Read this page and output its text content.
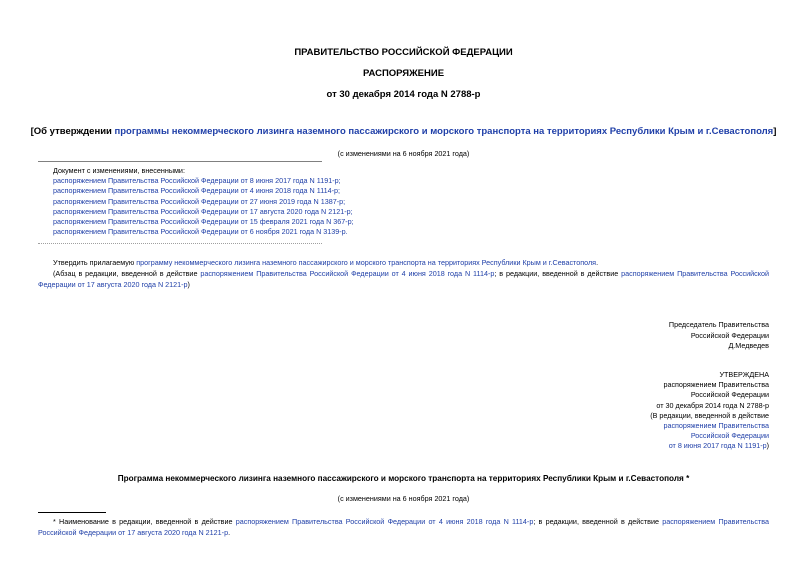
ПРАВИТЕЛЬСТВО РОССИЙСКОЙ ФЕДЕРАЦИИ
РАСПОРЯЖЕНИЕ
от 30 декабря 2014 года N 2788-р
[Об утверждении программы некоммерческого лизинга наземного пассажирского и морского транспорта на территориях Республики Крым и г.Севастополя]
(с изменениями на 6 ноября 2021 года)
Документ с изменениями, внесенными:
распоряжением Правительства Российской Федерации от 8 июня 2017 года N 1191-р;
распоряжением Правительства Российской Федерации от 4 июня 2018 года N 1114-р;
распоряжением Правительства Российской Федерации от 27 июня 2019 года N 1387-р;
распоряжением Правительства Российской Федерации от 17 августа 2020 года N 2121-р;
распоряжением Правительства Российской Федерации от 15 февраля 2021 года N 367-р;
распоряжением Правительства Российской Федерации от 6 ноября 2021 года N 3139-р.
Утвердить прилагаемую программу некоммерческого лизинга наземного пассажирского и морского транспорта на территориях Республики Крым и г.Севастополя.
(Абзац в редакции, введенной в действие распоряжением Правительства Российской Федерации от 4 июня 2018 года N 1114-р; в редакции, введенной в действие распоряжением Правительства Российской
Федерации от 17 августа 2020 года N 2121-р)
Председатель Правительства
Российской Федерации
Д.Медведев
УТВЕРЖДЕНА
распоряжением Правительства
Российской Федерации
от 30 декабря 2014 года N 2788-р
(В редакции, введенной в действие
распоряжением Правительства
Российской Федерации
от 8 июня 2017 года N 1191-р)
Программа некоммерческого лизинга наземного пассажирского и морского транспорта на территориях Республики Крым и г.Севастополя *
(с изменениями на 6 ноября 2021 года)
* Наименование в редакции, введенной в действие распоряжением Правительства Российской Федерации от 4 июня 2018 года N 1114-р; в редакции, введенной в действие распоряжением Правительства
Российской Федерации от 17 августа 2020 года N 2121-р.
